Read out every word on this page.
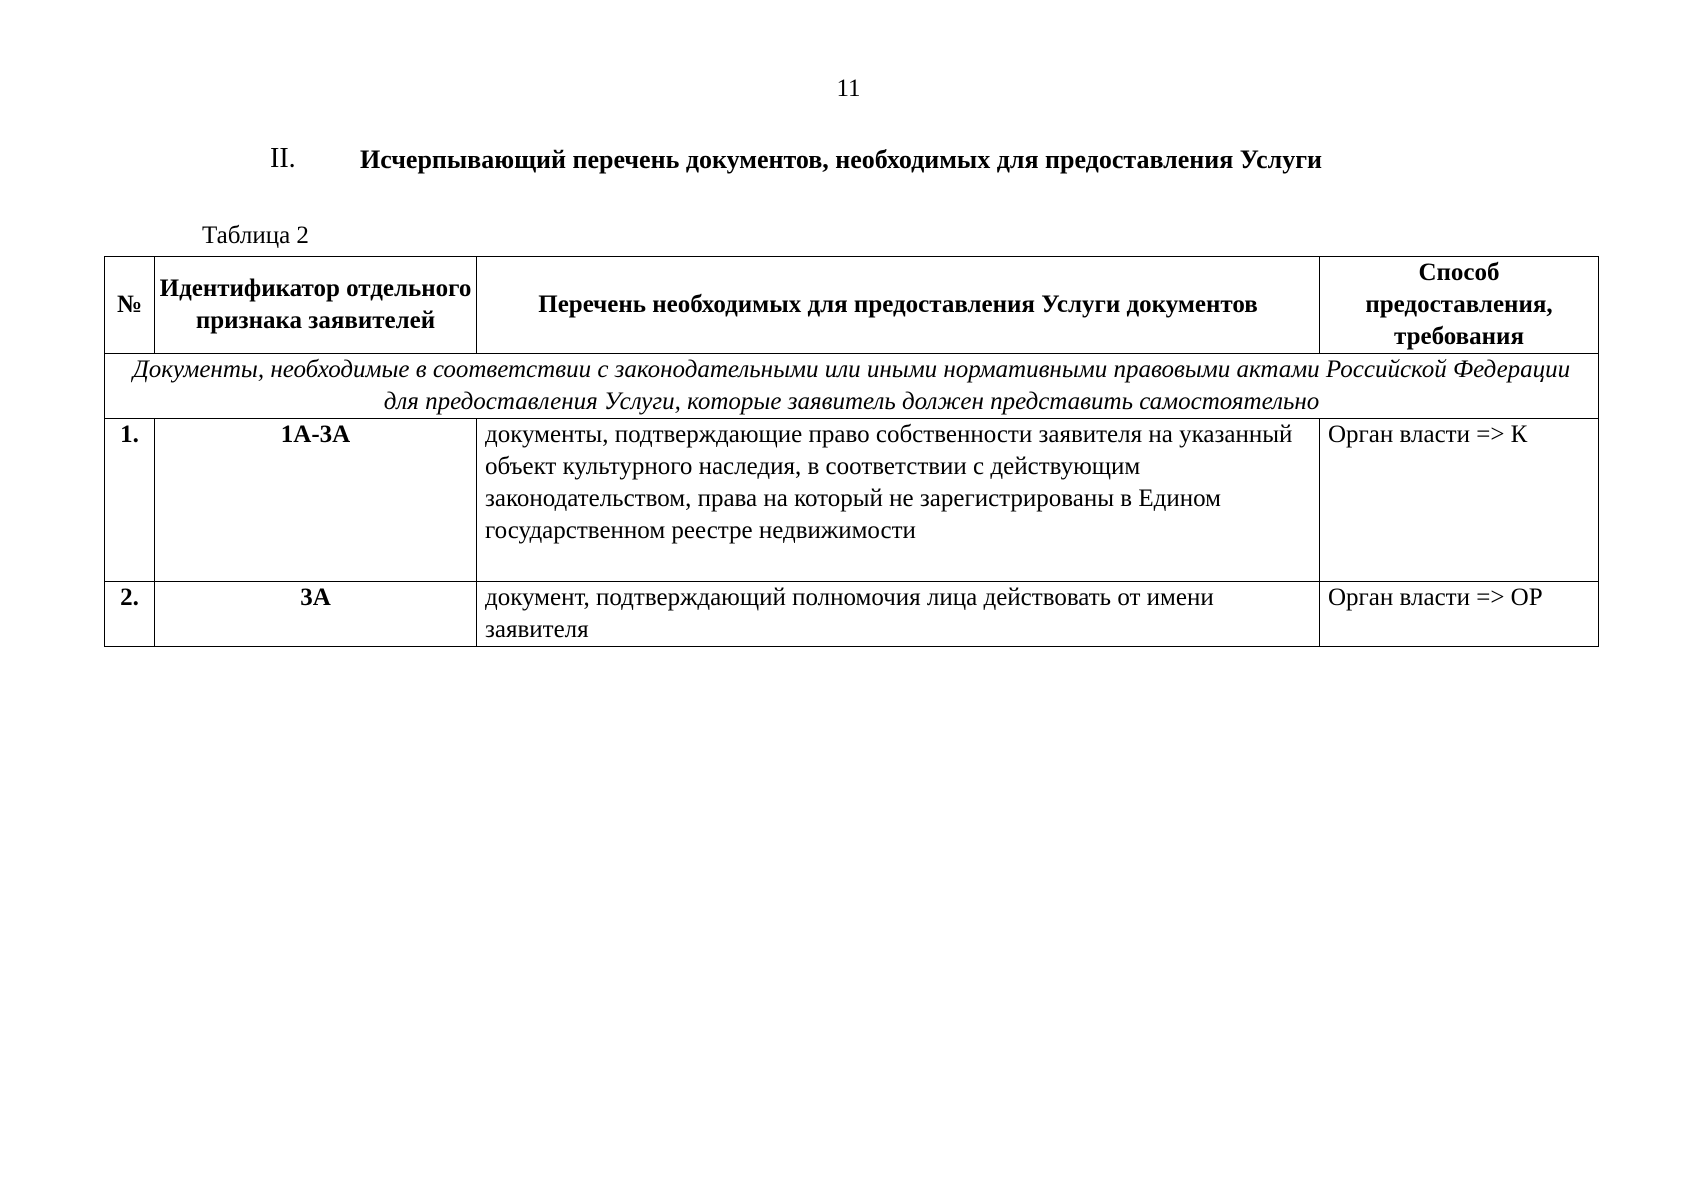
11
II. Исчерпывающий перечень документов, необходимых для предоставления Услуги
Таблица 2
№	Идентификатор отдельного признака заявителей	Перечень необходимых для предоставления Услуги документов	Способ предоставления, требования
Документы, необходимые в соответствии с законодательными или иными нормативными правовыми актами Российской Федерации для предоставления Услуги, которые заявитель должен представить самостоятельно			
1.	1А-3А	документы, подтверждающие право собственности заявителя на указанный объект культурного наследия, в соответствии с действующим законодательством, права на который не зарегистрированы в Едином государственном реестре недвижимости	Орган власти => К
2.	3А	документ, подтверждающий полномочия лица действовать от имени заявителя	Орган власти => ОР
